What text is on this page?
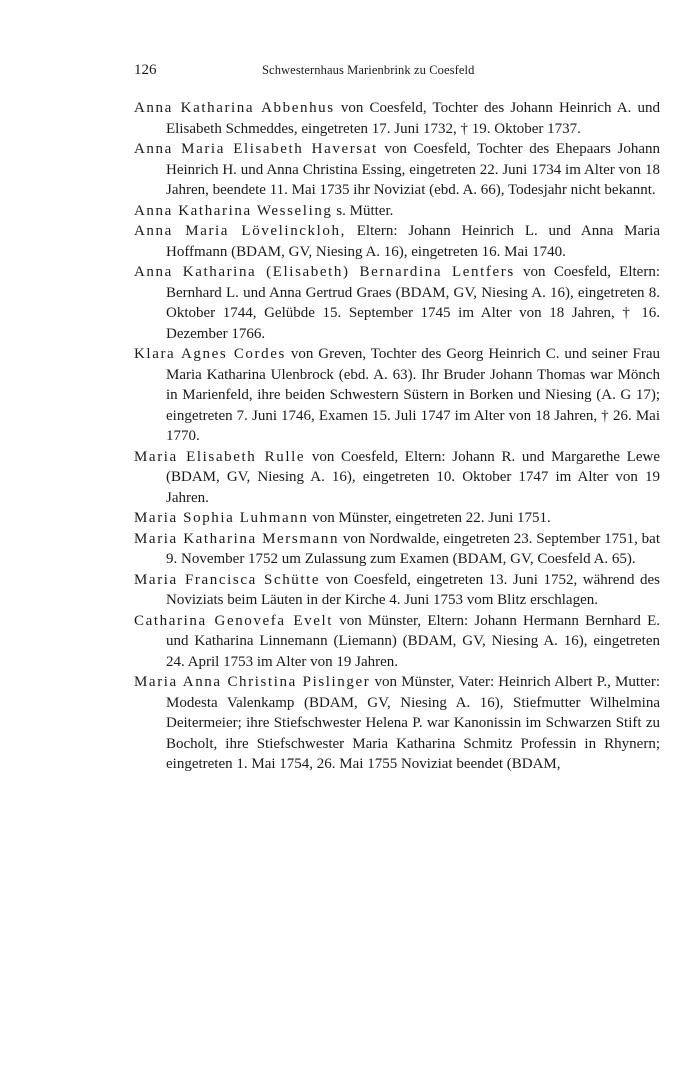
126	Schwesternhaus Marienbrink zu Coesfeld

Anna Katharina Abbenhus von Coesfeld, Tochter des Johann Heinrich A. und Elisabeth Schmeddes, eingetreten 17. Juni 1732, † 19. Oktober 1737.

Anna Maria Elisabeth Haversat von Coesfeld, Tochter des Ehepaars Johann Heinrich H. und Anna Christina Essing, eingetreten 22. Juni 1734 im Alter von 18 Jahren, beendete 11. Mai 1735 ihr Noviziat (ebd. A. 66), Todesjahr nicht bekannt.

Anna Katharina Wesseling s. Mütter.

Anna Maria Lövelinckloh, Eltern: Johann Heinrich L. und Anna Maria Hoffmann (BDAM, GV, Niesing A. 16), eingetreten 16. Mai 1740.

Anna Katharina (Elisabeth) Bernardina Lentfers von Coesfeld, Eltern: Bernhard L. und Anna Gertrud Graes (BDAM, GV, Niesing A. 16), eingetreten 8. Oktober 1744, Gelübde 15. September 1745 im Alter von 18 Jahren, † 16. Dezember 1766.

Klara Agnes Cordes von Greven, Tochter des Georg Heinrich C. und seiner Frau Maria Katharina Ulenbrock (ebd. A. 63). Ihr Bruder Johann Thomas war Mönch in Marienfeld, ihre beiden Schwestern Süstern in Borken und Niesing (A. G 17); eingetreten 7. Juni 1746, Examen 15. Juli 1747 im Alter von 18 Jahren, † 26. Mai 1770.

Maria Elisabeth Rulle von Coesfeld, Eltern: Johann R. und Margarethe Lewe (BDAM, GV, Niesing A. 16), eingetreten 10. Oktober 1747 im Alter von 19 Jahren.

Maria Sophia Luhmann von Münster, eingetreten 22. Juni 1751.

Maria Katharina Mersmann von Nordwalde, eingetreten 23. September 1751, bat 9. November 1752 um Zulassung zum Examen (BDAM, GV, Coesfeld A. 65).

Maria Francisca Schütte von Coesfeld, eingetreten 13. Juni 1752, während des Noviziats beim Läuten in der Kirche 4. Juni 1753 vom Blitz erschlagen.

Catharina Genovefa Evelt von Münster, Eltern: Johann Hermann Bernhard E. und Katharina Linnemann (Liemann) (BDAM, GV, Niesing A. 16), eingetreten 24. April 1753 im Alter von 19 Jahren.

Maria Anna Christina Pislinger von Münster, Vater: Heinrich Albert P., Mutter: Modesta Valenkamp (BDAM, GV, Niesing A. 16), Stiefmutter Wilhelmina Deitermeier; ihre Stiefschwester Helena P. war Kanonissin im Schwarzen Stift zu Bocholt, ihre Stiefschwester Maria Katharina Schmitz Professin in Rhynern; eingetreten 1. Mai 1754, 26. Mai 1755 Noviziat beendet (BDAM,
